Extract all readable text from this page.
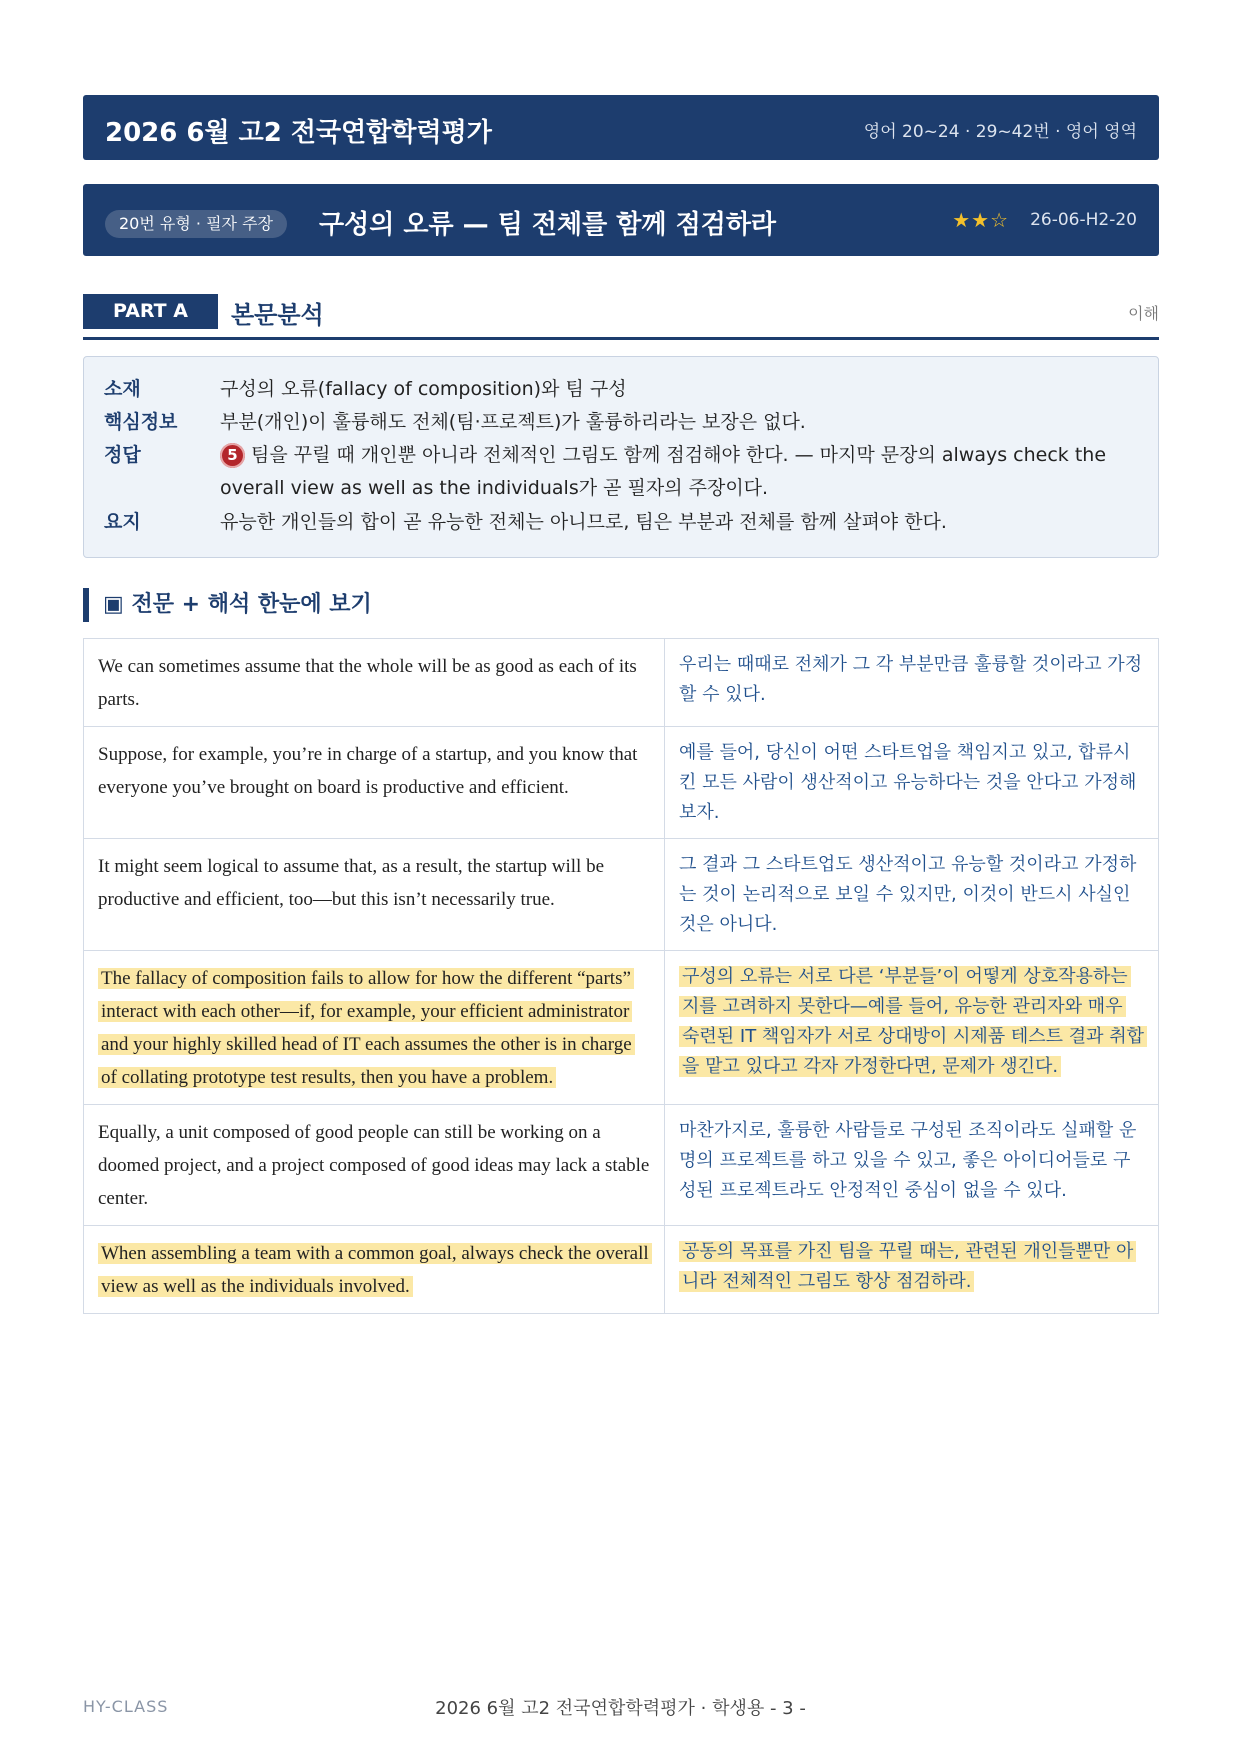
2026 6월 고2 전국연합학력평가	영어 20~24 · 29~42번 · 영어 영역
20번 유형 · 필자 주장	구성의 오류 — 팀 전체를 함께 점검하라	★★☆ 26-06-H2-20
PART A	본문분석	이해
소재	구성의 오류(fallacy of composition)와 팀 구성
핵심정보	부분(개인)이 훌륭해도 전체(팀·프로젝트)가 훌륭하리라는 보장은 없다.
정답	5 팀을 꾸릴 때 개인뿐 아니라 전체적인 그림도 함께 점검해야 한다. — 마지막 문장의 always check the overall view as well as the individuals가 곧 필자의 주장이다.
요지	유능한 개인들의 합이 곧 유능한 전체는 아니므로, 팀은 부분과 전체를 함께 살펴야 한다.
▣ 전문 + 해석 한눈에 보기
We can sometimes assume that the whole will be as good as each of its parts.	우리는 때때로 전체가 그 각 부분만큼 훌륭할 것이라고 가정할 수 있다.
Suppose, for example, you’re in charge of a startup, and you know that everyone you’ve brought on board is productive and efficient.	예를 들어, 당신이 어떤 스타트업을 책임지고 있고, 합류시킨 모든 사람이 생산적이고 유능하다는 것을 안다고 가정해 보자.
It might seem logical to assume that, as a result, the startup will be productive and efficient, too—but this isn’t necessarily true.	그 결과 그 스타트업도 생산적이고 유능할 것이라고 가정하는 것이 논리적으로 보일 수 있지만, 이것이 반드시 사실인 것은 아니다.
The fallacy of composition fails to allow for how the different “parts” interact with each other—if, for example, your efficient administrator and your highly skilled head of IT each assumes the other is in charge of collating prototype test results, then you have a problem.	구성의 오류는 서로 다른 ‘부분들’이 어떻게 상호작용하는지를 고려하지 못한다—예를 들어, 유능한 관리자와 매우 숙련된 IT 책임자가 서로 상대방이 시제품 테스트 결과 취합을 맡고 있다고 각자 가정한다면, 문제가 생긴다.
Equally, a unit composed of good people can still be working on a doomed project, and a project composed of good ideas may lack a stable center.	마찬가지로, 훌륭한 사람들로 구성된 조직이라도 실패할 운명의 프로젝트를 하고 있을 수 있고, 좋은 아이디어들로 구성된 프로젝트라도 안정적인 중심이 없을 수 있다.
When assembling a team with a common goal, always check the overall view as well as the individuals involved.	공동의 목표를 가진 팀을 꾸릴 때는, 관련된 개인들뿐만 아니라 전체적인 그림도 항상 점검하라.
HY-CLASS	2026 6월 고2 전국연합학력평가 · 학생용 - 3 -
